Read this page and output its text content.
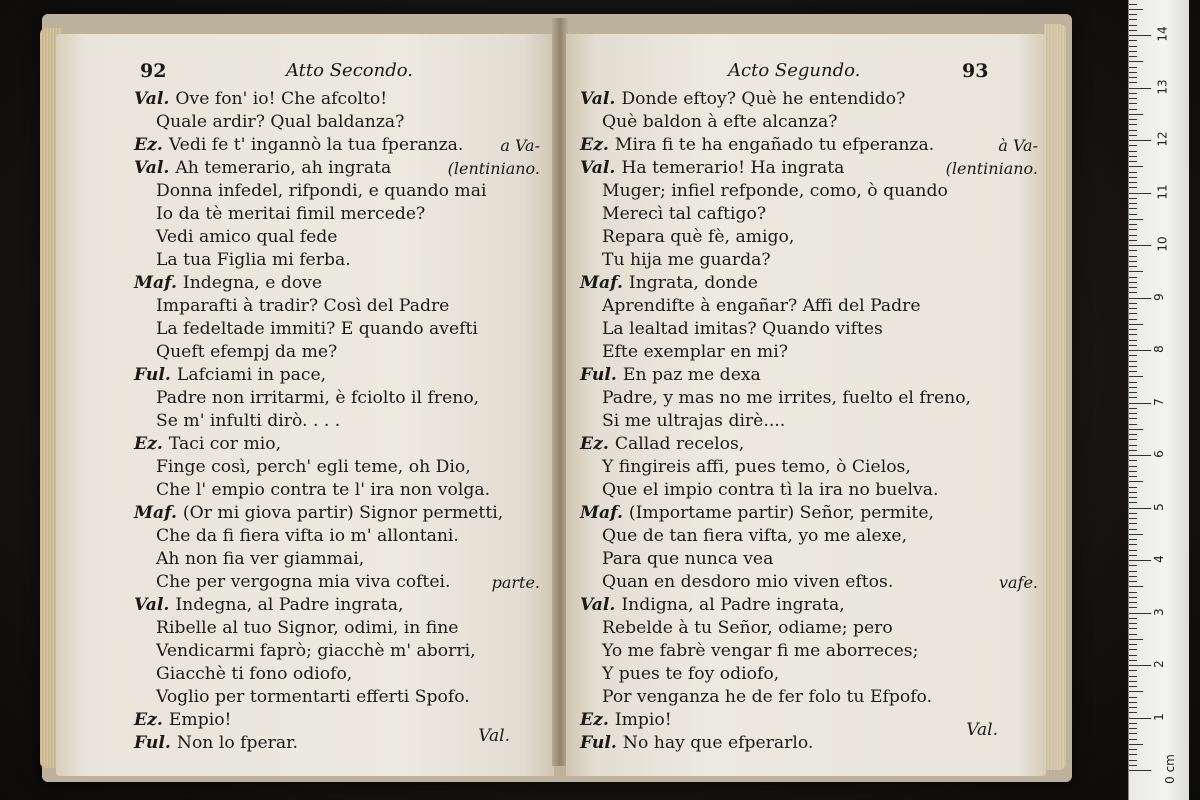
92	Atto Secondo.
Val. Ove fon' io! Che afcolto!
Quale ardir? Qual baldanza?
Ez. Vedi fe t' ingannò la tua fperanza. a Va-
Val. Ah temerario, ah ingrata	(lentiniano.
Donna infedel, rifpondi, e quando mai
Io da tè meritai fimil mercede?
Vedi amico qual fede
La tua Figlia mi ferba.
Maf. Indegna, e dove
Imparafti à tradir? Così del Padre
La fedeltade immiti? E quando avefti
Queft efempj da me?
Ful. Lafciami in pace,
Padre non irritarmi, è fciolto il freno,
Se m' infulti dirò. . . .
Ez. Taci cor mio,
Finge così, perch' egli teme, oh Dio,
Che l' empio contra te l' ira non volga.
Maf. (Or mi giova partir) Signor permetti,
Che da fi fiera vifta io m' allontani.
Ah non fia ver giammai,
Che per vergogna mia viva coftei.	parte.
Val. Indegna, al Padre ingrata,
Ribelle al tuo Signor, odimi, in fine
Vendicarmi faprò; giacchè m' aborri,
Giacchè ti fono odiofo,
Voglio per tormentarti efferti Spofo.
Ez. Empio!
Ful. Non lo fperar.	Val.
Acto Segundo.	93
Val. Donde eftoy? Què he entendido?
Què baldon à efte alcanza?
Ez. Mira fi te ha engañado tu efperanza.	à Va-
Val. Ha temerario! Ha ingrata	(lentiniano.
Muger; infiel refponde, como, ò quando
Merecì tal caftigo?
Repara què fè, amigo,
Tu hija me guarda?
Maf. Ingrata, donde
Aprendifte à engañar? Affi del Padre
La lealtad imitas? Quando viftes
Efte exemplar en mi?
Ful. En paz me dexa
Padre, y mas no me irrites, fuelto el freno,
Si me ultrajas dirè....
Ez. Callad recelos,
Y fingireis affi, pues temo, ò Cielos,
Que el impio contra tì la ira no buelva.
Maf. (Importame partir) Señor, permite,
Que de tan fiera vifta, yo me alexe,
Para que nunca vea
Quan en desdoro mio viven eftos.	vafe.
Val. Indigna, al Padre ingrata,
Rebelde à tu Señor, odiame; pero
Yo me fabrè vengar fi me aborreces;
Y pues te foy odiofo,
Por venganza he de fer folo tu Efpofo.
Ez. Impio!
Ful. No hay que efperarlo.
Val.
0 cm
1
2
3
4
5
6
7
8
9
10
11
12
13
14
